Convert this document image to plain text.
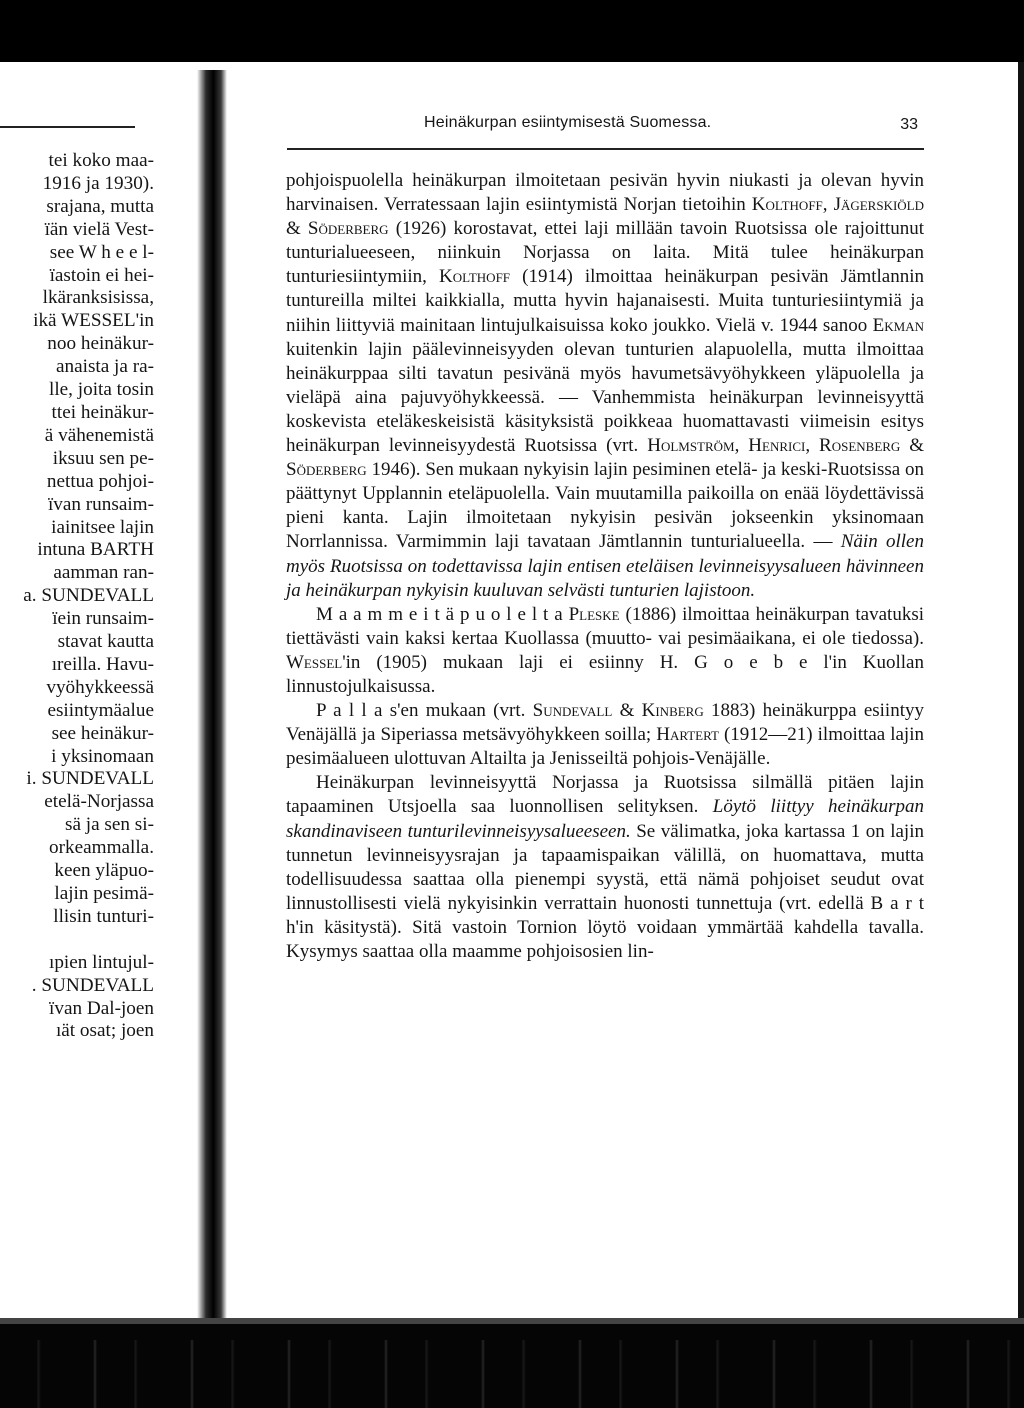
tei koko maa-
1916 ja 1930).
srajana, mutta
ïän vielä Vest-
see W h e e l-
ïastoin ei hei-
lkäranksisissa,
ikä WESSEL'in
noo heinäkur-
anaista ja ra-
lle, joita tosin
ttei heinäkur-
ä vähenemistä
iksuu sen pe-
nettua pohjoi-
ïvan runsaim-
iainitsee lajin
intuna BARTH
aamman ran-
a. SUNDEVALL
ïein runsaim-
stavat kautta
ıreilla. Havu-
vyöhykkeessä
esiintymäalue
see heinäkur-
i yksinomaan
i. SUNDEVALL
etelä-Norjassa
sä ja sen si-
orkeammalla.
keen yläpuo-
lajin pesimä-
llisin tunturi-

ıpien lintujul-
. SUNDEVALL
ïvan Dal-joen
ıät osat; joen
Heinäkurpan esiintymisestä Suomessa.	33

pohjoispuolella heinäkurpan ilmoitetaan pesivän hyvin niukasti ja olevan hyvin harvinaisen. Verratessaan lajin esiintymistä Norjan tietoihin Kolthoff, Jägerskiöld & Söderberg (1926) korostavat, ettei laji millään tavoin Ruotsissa ole rajoittunut tunturialueeseen, niinkuin Norjassa on laita. Mitä tulee heinäkurpan tunturiesiintymiin, Kolthoff (1914) ilmoittaa heinäkurpan pesivän Jämtlannin tuntureilla miltei kaikkialla, mutta hyvin hajanaisesti. Muita tunturiesiintymiä ja niihin liittyviä mainitaan lintujulkaisuissa koko joukko. Vielä v. 1944 sanoo Ekman kuitenkin lajin päälevinneisyyden olevan tunturien alapuolella, mutta ilmoittaa heinäkurppaa silti tavatun pesivänä myös havumetsävyöhykkeen yläpuolella ja vieläpä aina pajuvyöhykkeessä. — Vanhemmista heinäkurpan levinneisyyttä koskevista eteläkeskeisistä käsityksistä poikkeaa huomattavasti viimeisin esitys heinäkurpan levinneisyydestä Ruotsissa (vrt. Holmström, Henrici, Rosenberg & Söderberg 1946). Sen mukaan nykyisin lajin pesiminen etelä- ja keski-Ruotsissa on päättynyt Upplannin eteläpuolella. Vain muutamilla paikoilla on enää löydettävissä pieni kanta. Lajin ilmoitetaan nykyisin pesivän jokseenkin yksinomaan Norrlannissa. Varmimmin laji tavataan Jämtlannin tunturialueella. — Näin ollen myös Ruotsissa on todettavissa lajin entisen eteläisen levinneisyysalueen hävinneen ja heinäkurpan nykyisin kuuluvan selvästi tunturien lajistoon.

M a a m m e i t ä p u o l e l t a Pleske (1886) ilmoittaa heinäkurpan tavatuksi tiettävästi vain kaksi kertaa Kuollassa (muutto- vai pesimäaikana, ei ole tiedossa). Wessel'in (1905) mukaan laji ei esiinny H. G o e b e l'in Kuollan linnustojulkaisussa.

P a l l a s'en mukaan (vrt. Sundevall & Kinberg 1883) heinäkurppa esiintyy Venäjällä ja Siperiassa metsävyöhykkeen soilla; Hartert (1912—21) ilmoittaa lajin pesimäalueen ulottuvan Altailta ja Jenisseiltä pohjois-Venäjälle.

Heinäkurpan levinneisyyttä Norjassa ja Ruotsissa silmällä pitäen lajin tapaaminen Utsjoella saa luonnollisen selityksen. Löytö liittyy heinäkurpan skandinaviseen tunturilevinneisyysalueeseen. Se välimatka, joka kartassa 1 on lajin tunnetun levinneisyysrajan ja tapaamispaikan välillä, on huomattava, mutta todellisuudessa saattaa olla pienempi syystä, että nämä pohjoiset seudut ovat linnustollisesti vielä nykyisinkin verrattain huonosti tunnettuja (vrt. edellä B a r t h'in käsitystä). Sitä vastoin Tornion löytö voidaan ymmärtää kahdella tavalla. Kysymys saattaa olla maamme pohjoisosien lin-
